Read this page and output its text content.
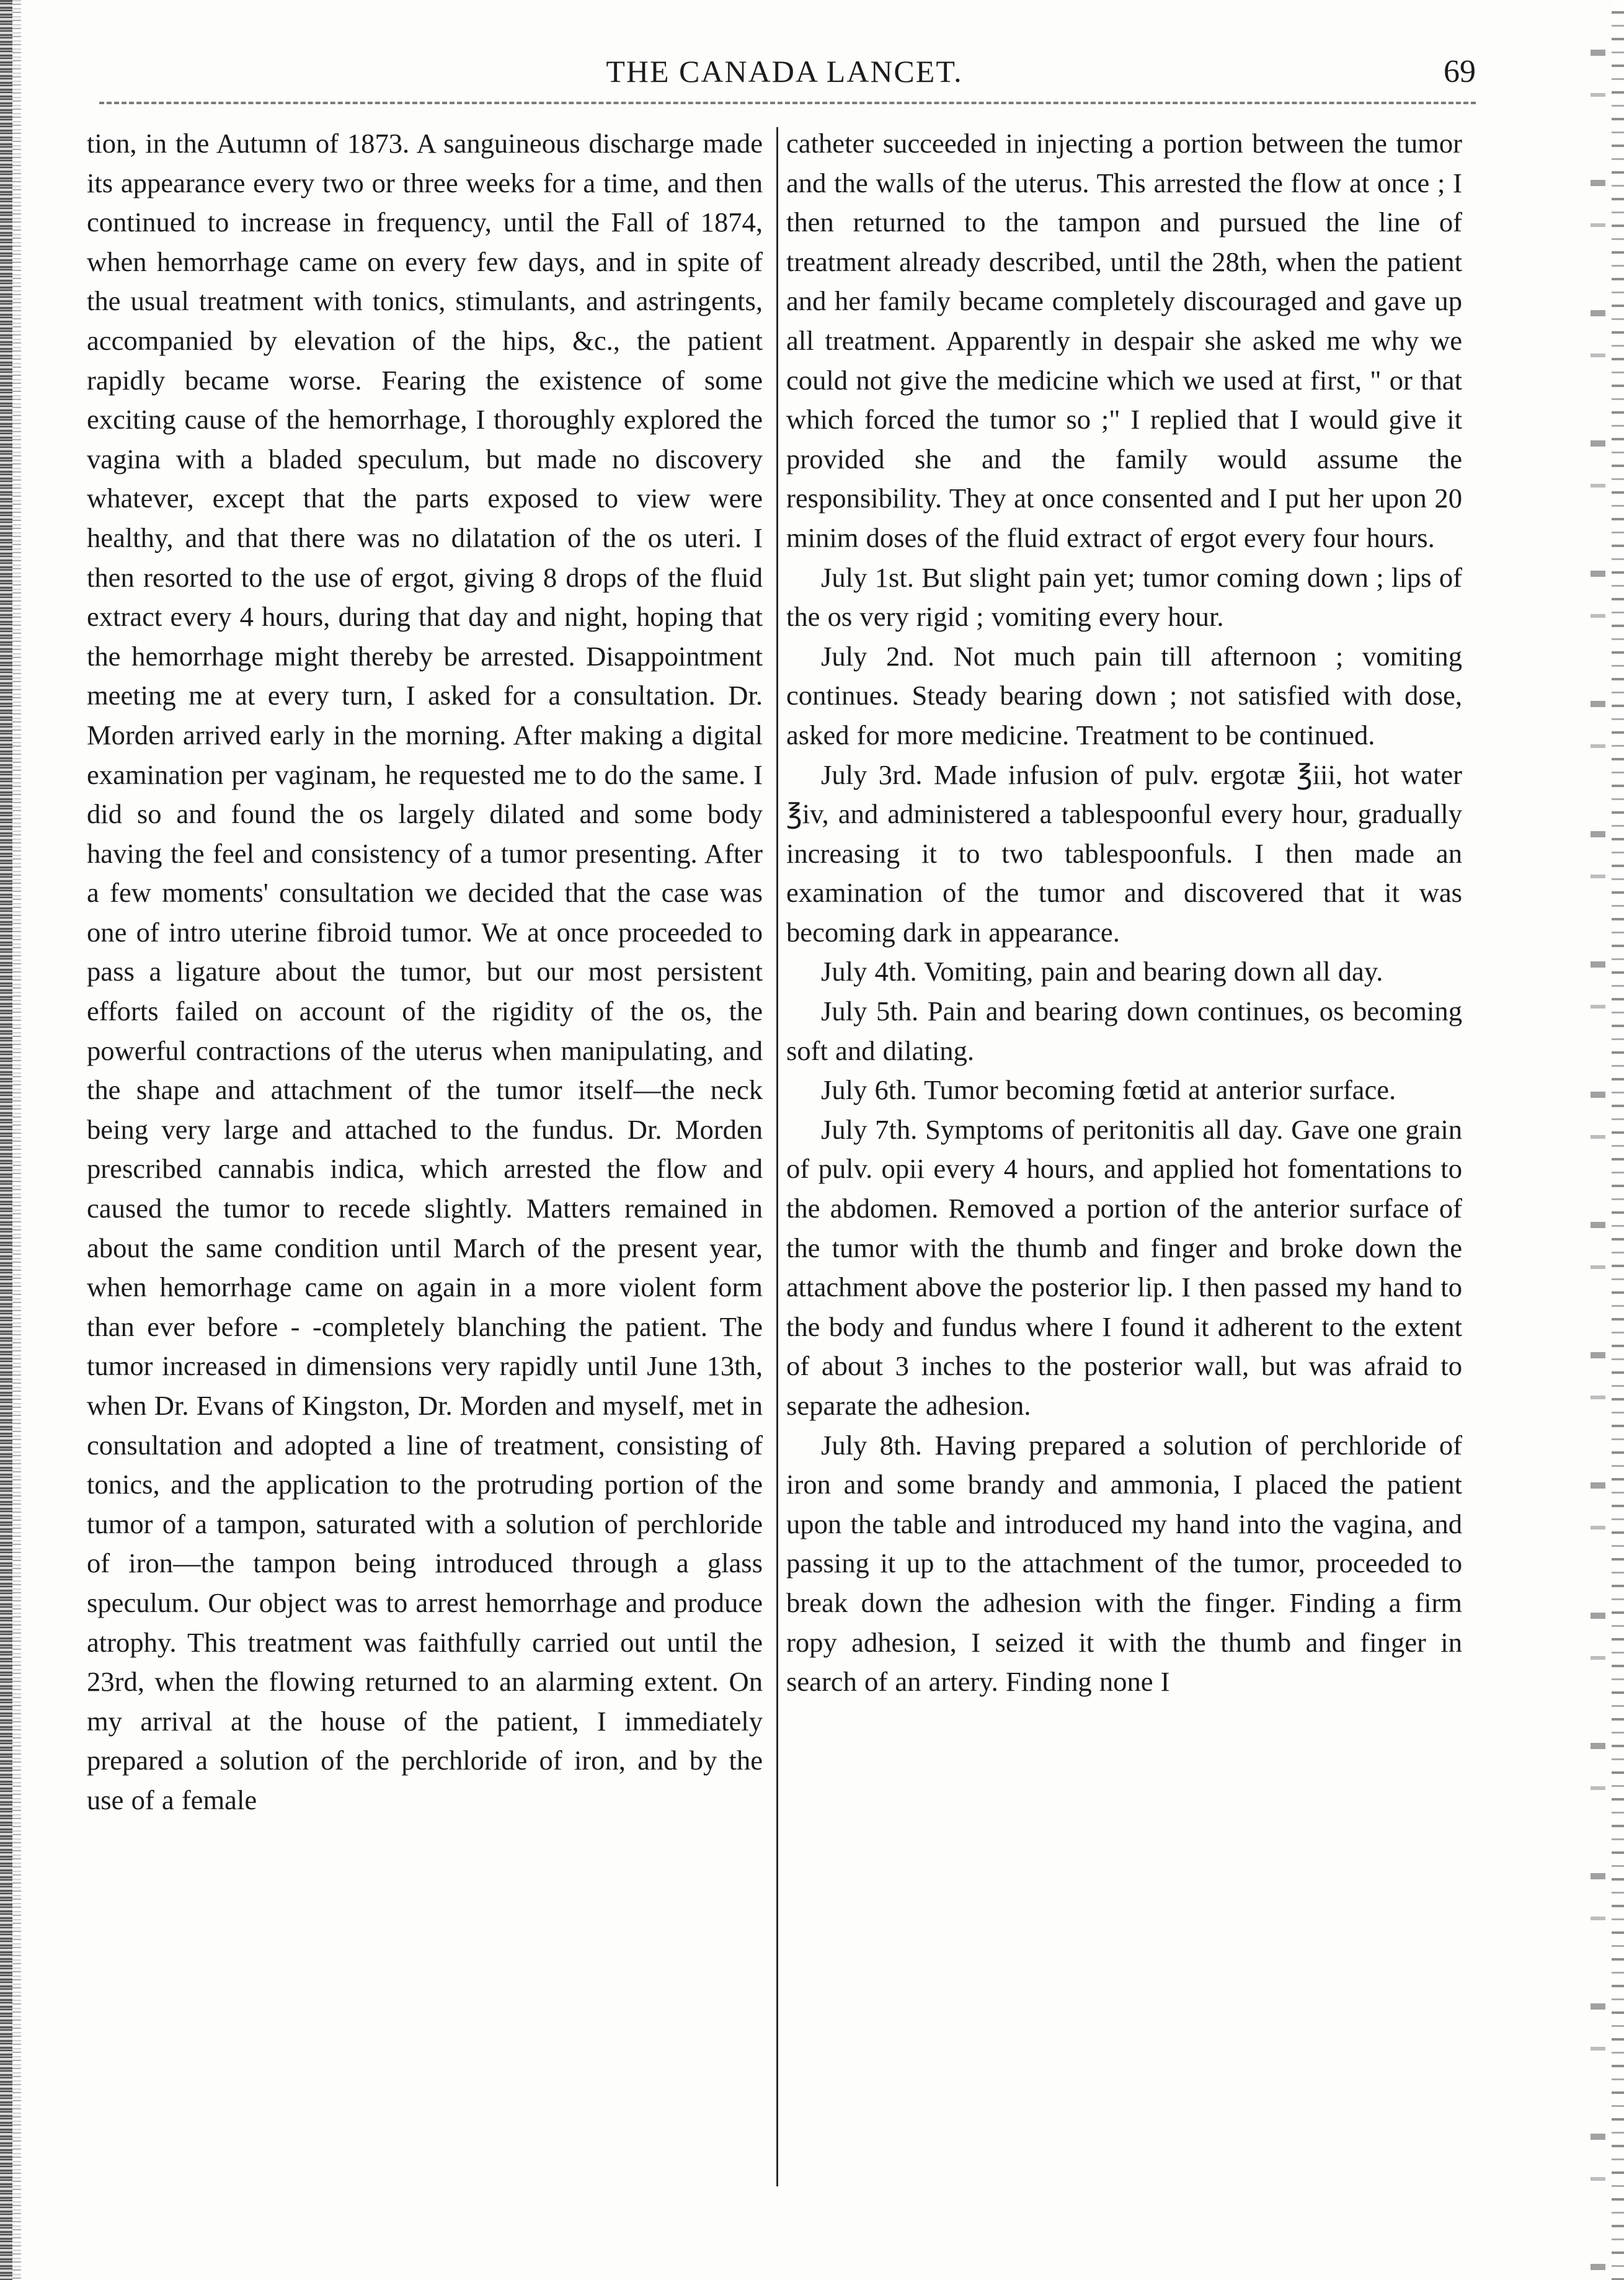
THE CANADA LANCET.	69

tion, in the Autumn of 1873. A sanguineous discharge made its appearance every two or three weeks for a time, and then continued to increase in frequency, until the Fall of 1874, when hemorrhage came on every few days, and in spite of the usual treatment with tonics, stimulants, and astringents, accompanied by elevation of the hips, &c., the patient rapidly became worse. Fearing the existence of some exciting cause of the hemorrhage, I thoroughly explored the vagina with a bladed speculum, but made no discovery whatever, except that the parts exposed to view were healthy, and that there was no dilatation of the os uteri. I then resorted to the use of ergot, giving 8 drops of the fluid extract every 4 hours, during that day and night, hoping that the hemorrhage might thereby be arrested. Disappointment meeting me at every turn, I asked for a consultation. Dr. Morden arrived early in the morning. After making a digital examination per vaginam, he requested me to do the same. I did so and found the os largely dilated and some body having the feel and consistency of a tumor presenting. After a few moments' consultation we decided that the case was one of intro uterine fibroid tumor. We at once proceeded to pass a ligature about the tumor, but our most persistent efforts failed on account of the rigidity of the os, the powerful contractions of the uterus when manipulating, and the shape and attachment of the tumor itself—the neck being very large and attached to the fundus. Dr. Morden prescribed cannabis indica, which arrested the flow and caused the tumor to recede slightly. Matters remained in about the same condition until March of the present year, when hemorrhage came on again in a more violent form than ever before - -completely blanching the patient. The tumor increased in dimensions very rapidly until June 13th, when Dr. Evans of Kingston, Dr. Morden and myself, met in consultation and adopted a line of treatment, consisting of tonics, and the application to the protruding portion of the tumor of a tampon, saturated with a solution of perchloride of iron—the tampon being introduced through a glass speculum. Our object was to arrest hemorrhage and produce atrophy. This treatment was faithfully carried out until the 23rd, when the flowing returned to an alarming extent. On my arrival at the house of the patient, I immediately prepared a solution of the perchloride of iron, and by the use of a female

catheter succeeded in injecting a portion between the tumor and the walls of the uterus. This arrested the flow at once ; I then returned to the tampon and pursued the line of treatment already described, until the 28th, when the patient and her family became completely discouraged and gave up all treatment. Apparently in despair she asked me why we could not give the medicine which we used at first, " or that which forced the tumor so ;" I replied that I would give it provided she and the family would assume the responsibility. They at once consented and I put her upon 20 minim doses of the fluid extract of ergot every four hours.

July 1st. But slight pain yet; tumor coming down ; lips of the os very rigid ; vomiting every hour.

July 2nd. Not much pain till afternoon ; vomiting continues. Steady bearing down ; not satisfied with dose, asked for more medicine. Treatment to be continued.

July 3rd. Made infusion of pulv. ergotæ ℥iii, hot water ℥iv, and administered a tablespoonful every hour, gradually increasing it to two tablespoonfuls. I then made an examination of the tumor and discovered that it was becoming dark in appearance.

July 4th. Vomiting, pain and bearing down all day.

July 5th. Pain and bearing down continues, os becoming soft and dilating.

July 6th. Tumor becoming fœtid at anterior surface.

July 7th. Symptoms of peritonitis all day. Gave one grain of pulv. opii every 4 hours, and applied hot fomentations to the abdomen. Removed a portion of the anterior surface of the tumor with the thumb and finger and broke down the attachment above the posterior lip. I then passed my hand to the body and fundus where I found it adherent to the extent of about 3 inches to the posterior wall, but was afraid to separate the adhesion.

July 8th. Having prepared a solution of perchloride of iron and some brandy and ammonia, I placed the patient upon the table and introduced my hand into the vagina, and passing it up to the attachment of the tumor, proceeded to break down the adhesion with the finger. Finding a firm ropy adhesion, I seized it with the thumb and finger in search of an artery. Finding none I
